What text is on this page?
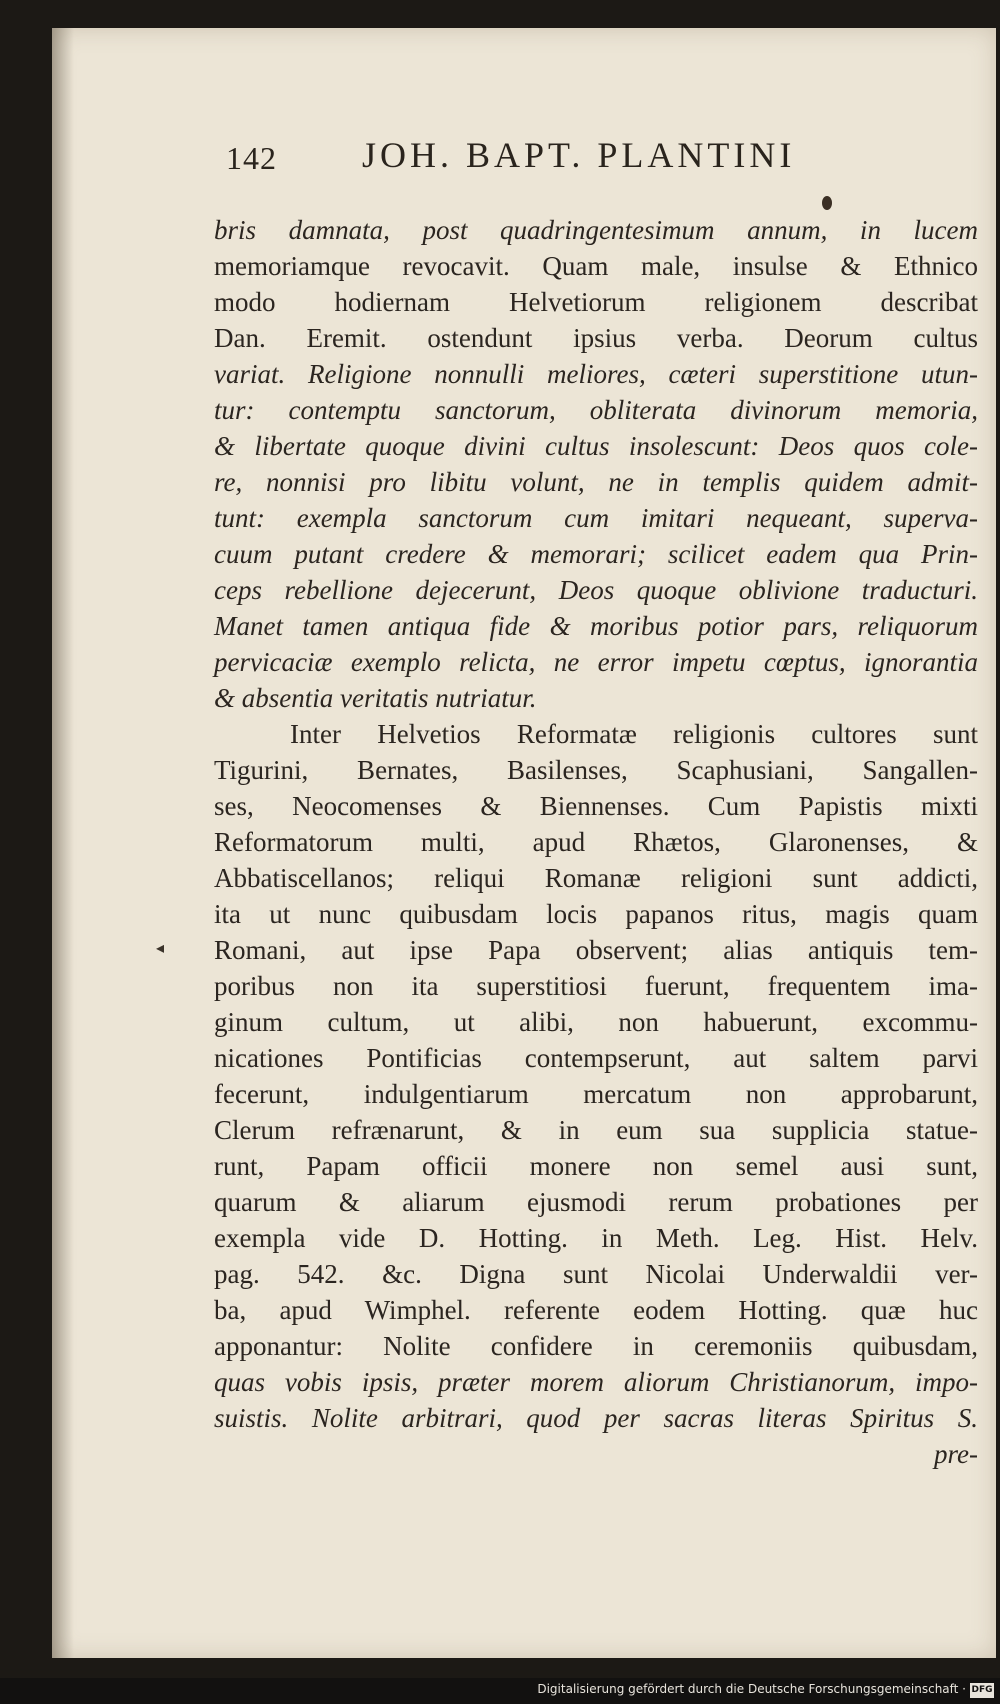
◂
142 JOH. BAPT. PLANTINI
bris damnata, post quadringentesimum annum, in lucem
memoriamque revocavit. Quam male, insulse & Ethnico
modo hodiernam Helvetiorum religionem describat
Dan. Eremit. ostendunt ipsius verba. Deorum cultus
variat. Religione nonnulli meliores, cæteri superstitione utun-
tur: contemptu sanctorum, obliterata divinorum memoria,
& libertate quoque divini cultus insolescunt: Deos quos cole-
re, nonnisi pro libitu volunt, ne in templis quidem admit-
tunt: exempla sanctorum cum imitari nequeant, superva-
cuum putant credere & memorari; scilicet eadem qua Prin-
ceps rebellione dejecerunt, Deos quoque oblivione traducturi.
Manet tamen antiqua fide & moribus potior pars, reliquorum
pervicaciæ exemplo relicta, ne error impetu cœptus, ignorantia
& absentia veritatis nutriatur.
Inter Helvetios Reformatæ religionis cultores sunt
Tigurini, Bernates, Basilenses, Scaphusiani, Sangallen-
ses, Neocomenses & Biennenses. Cum Papistis mixti
Reformatorum multi, apud Rhætos, Glaronenses, &
Abbatiscellanos; reliqui Romanæ religioni sunt addicti,
ita ut nunc quibusdam locis papanos ritus, magis quam
Romani, aut ipse Papa observent; alias antiquis tem-
poribus non ita superstitiosi fuerunt, frequentem ima-
ginum cultum, ut alibi, non habuerunt, excommu-
nicationes Pontificias contempserunt, aut saltem parvi
fecerunt, indulgentiarum mercatum non approbarunt,
Clerum refrænarunt, & in eum sua supplicia statue-
runt, Papam officii monere non semel ausi sunt,
quarum & aliarum ejusmodi rerum probationes per
exempla vide D. Hotting. in Meth. Leg. Hist. Helv.
pag. 542. &c. Digna sunt Nicolai Underwaldii ver-
ba, apud Wimphel. referente eodem Hotting. quæ huc
apponantur: Nolite confidere in ceremoniis quibusdam,
quas vobis ipsis, præter morem aliorum Christianorum, impo-
suistis. Nolite arbitrari, quod per sacras literas Spiritus S.
pre-
Digitalisierung gefördert durch die Deutsche Forschungsgemeinschaft · DFG
